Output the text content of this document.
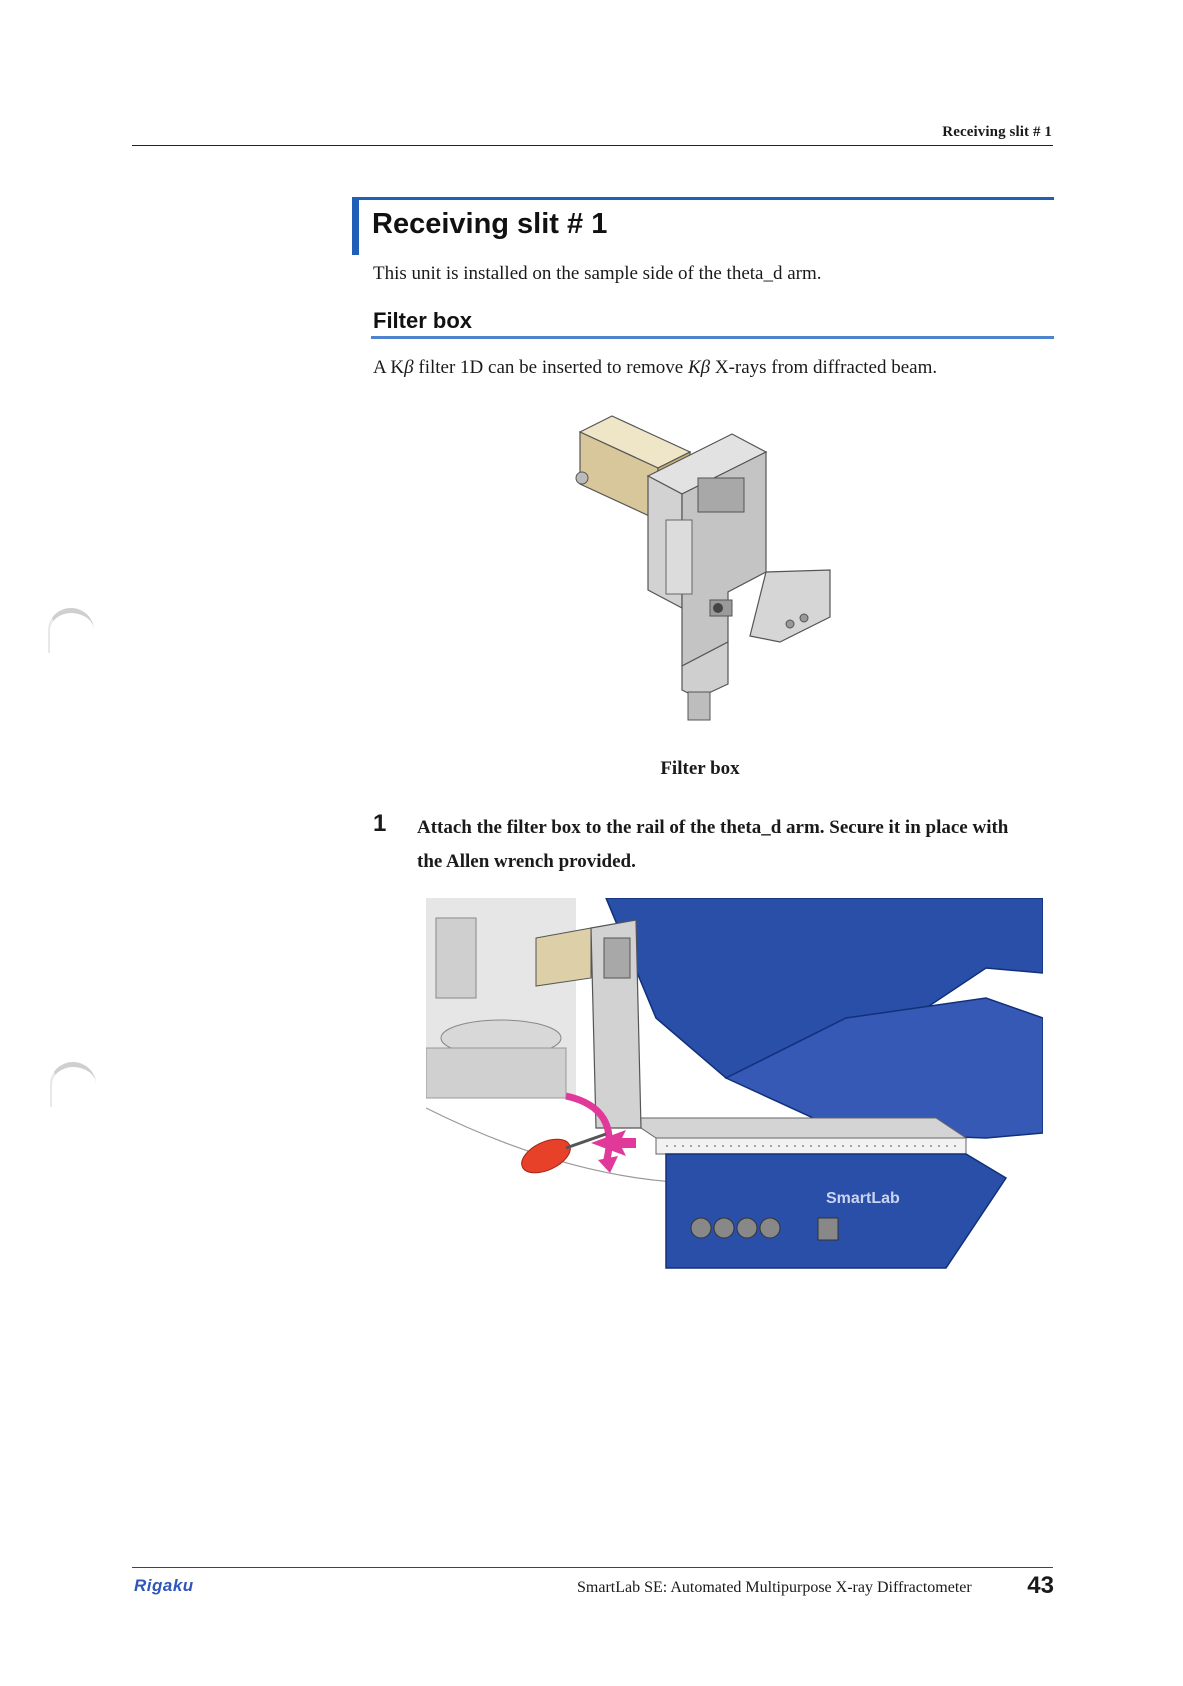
Receiving slit # 1
Receiving slit # 1
This unit is installed on the sample side of the theta_d arm.
Filter box
A Kβ filter 1D can be inserted to remove Kβ X-rays from diffracted beam.
Filter box
1 Attach the filter box to the rail of the theta_d arm. Secure it in place with the Allen wrench provided.
SmartLab
Rigaku	SmartLab SE: Automated Multipurpose X-ray Diffractometer	43
